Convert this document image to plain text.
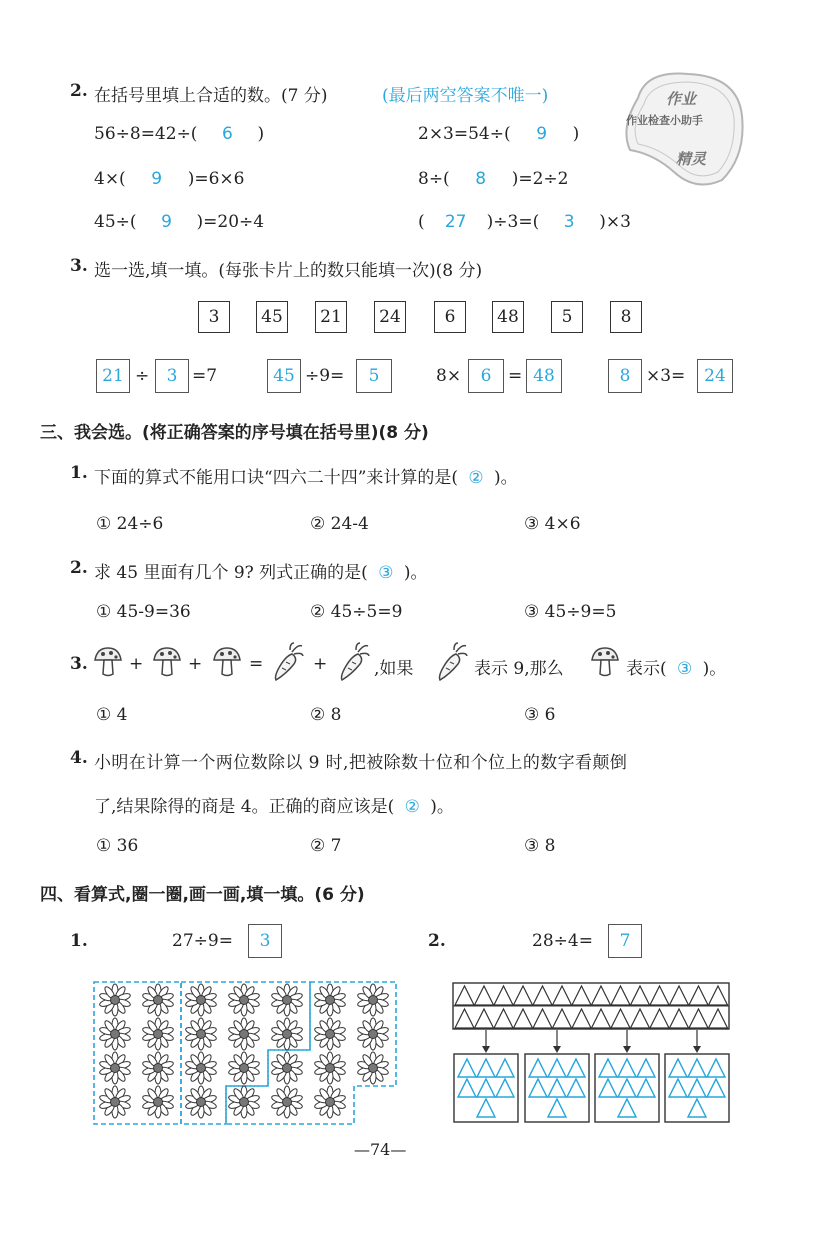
2. 在括号里填上合适的数。(7 分)	(最后两空答案不唯一)
56÷8=42÷( 6 )	2×3=54÷( 9 )
4×( 9 )=6×6	8÷( 8 )=2÷2
45÷( 9 )=20÷4	( 27 )÷3=( 3 )×3
作业
作业检查小助手
精灵
3. 选一选,填一填。(每张卡片上的数只能填一次)(8 分)
3	45	21	24	6	48	5	8
21 ÷	3 =7	45 ÷9=	5	8×	6 = 48	8 ×3=	24
三、我会选。(将正确答案的序号填在括号里)(8 分)
1. 下面的算式不能用口诀“四六二十四”来计算的是( ② )。
① 24÷6	② 24-4	③ 4×6
2. 求 45 里面有几个 9? 列式正确的是( ③ )。
① 45-9=36	② 45÷5=9	③ 45÷9=5
3. +	+	=	+	,如果	表示 9,那么	表示( ③ )。
① 4	② 8	③ 6
4. 小明在计算一个两位数除以 9 时,把被除数十位和个位上的数字看颠倒
了,结果除得的商是 4。正确的商应该是( ② )。
① 36	② 7	③ 8
四、看算式,圈一圈,画一画,填一填。(6 分)
1.	27÷9=	3	2.	28÷4=	7
—74—
